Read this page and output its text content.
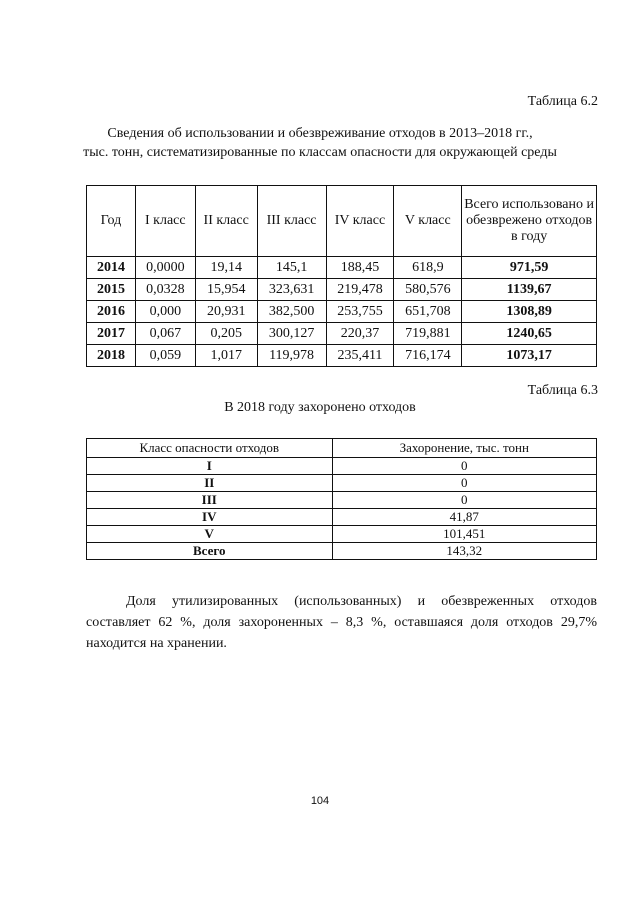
Таблица 6.2
Сведения об использовании и обезвреживание отходов в 2013–2018 гг.,
тыс. тонн, систематизированные по классам опасности для окружающей среды
Год	I класс	II класс	III класс	IV класс	V класс	Всего использовано и обезврежено отходов в году
2014	0,0000	19,14	145,1	188,45	618,9	971,59
2015	0,0328	15,954	323,631	219,478	580,576	1139,67
2016	0,000	20,931	382,500	253,755	651,708	1308,89
2017	0,067	0,205	300,127	220,37	719,881	1240,65
2018	0,059	1,017	119,978	235,411	716,174	1073,17
Таблица 6.3
В 2018 году захоронено отходов
Класс опасности отходов	Захоронение, тыс. тонн
I	0
II	0
III	0
IV	41,87
V	101,451
Всего	143,32

Доля утилизированных (использованных) и обезвреженных отходов составляет 62 %, доля захороненных – 8,3 %, оставшаяся доля отходов 29,7% находится на хранении.

104
